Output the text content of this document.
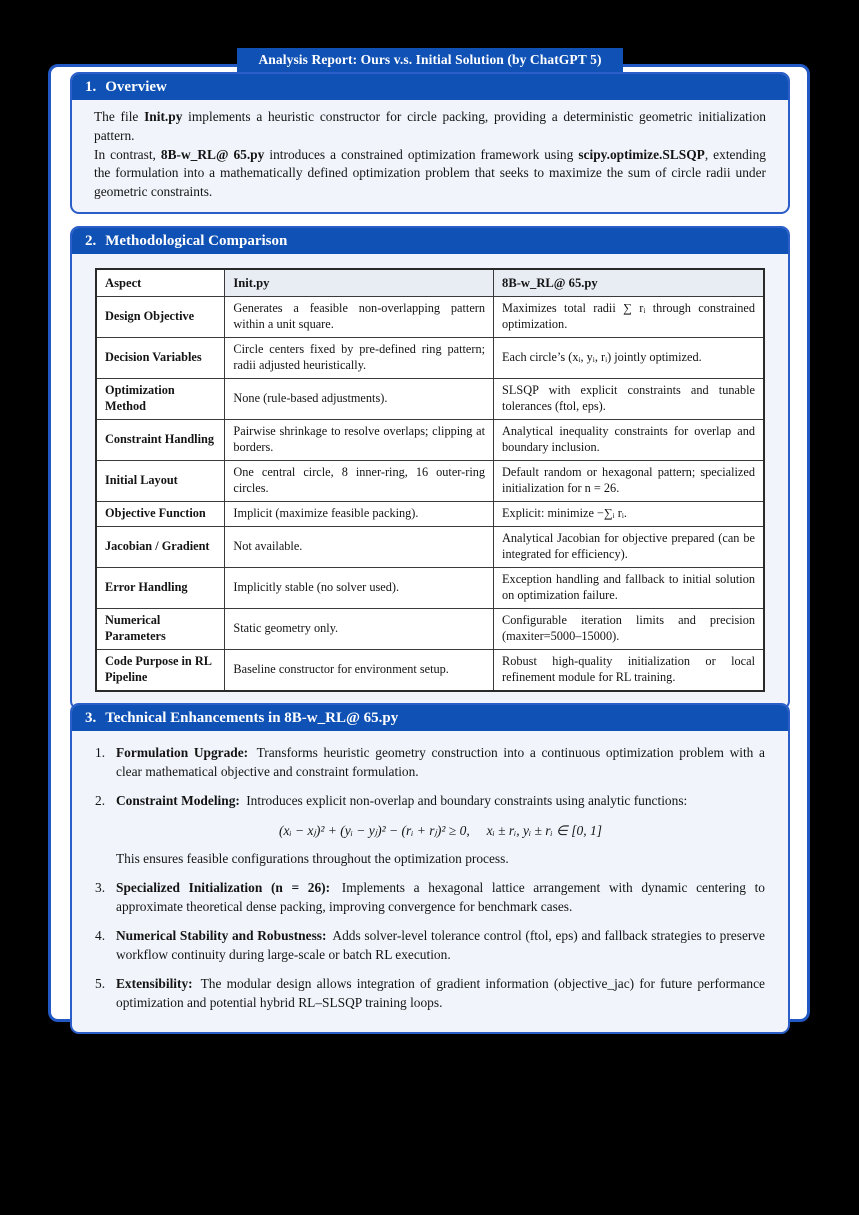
Analysis Report: Ours v.s. Initial Solution (by ChatGPT 5)
1. Overview

The file Init.py implements a heuristic constructor for circle packing, providing a deterministic geometric initialization pattern.

In contrast, 8B-w_RL@ 65.py introduces a constrained optimization framework using scipy.optimize.SLSQP, extending the formulation into a mathematically defined optimization problem that seeks to maximize the sum of circle radii under geometric constraints.

2. Methodological Comparison
Aspect	Init.py	8B-w_RL@ 65.py
Design Objective	Generates a feasible non-overlapping pattern within a unit square.	Maximizes total radii ∑ rᵢ through constrained optimization.
Decision Variables	Circle centers fixed by pre-defined ring pattern; radii adjusted heuristically.	Each circle’s (xᵢ, yᵢ, rᵢ) jointly optimized.
Optimization Method	None (rule-based adjustments).	SLSQP with explicit constraints and tunable tolerances (ftol, eps).
Constraint Handling	Pairwise shrinkage to resolve overlaps; clipping at borders.	Analytical inequality constraints for overlap and boundary inclusion.
Initial Layout	One central circle, 8 inner-ring, 16 outer-ring circles.	Default random or hexagonal pattern; specialized initialization for n = 26.
Objective Function	Implicit (maximize feasible packing).	Explicit: minimize −∑ᵢ rᵢ.
Jacobian / Gradient	Not available.	Analytical Jacobian for objective prepared (can be integrated for efficiency).
Error Handling	Implicitly stable (no solver used).	Exception handling and fallback to initial solution on optimization failure.
Numerical Parameters	Static geometry only.	Configurable iteration limits and precision (maxiter=5000–15000).
Code Purpose in RL Pipeline	Baseline constructor for environment setup.	Robust high-quality initialization or local refinement module for RL training.
3. Technical Enhancements in 8B-w_RL@ 65.py
1. Formulation Upgrade: Transforms heuristic geometry construction into a continuous optimization problem with a clear mathematical objective and constraint formulation.
2. Constraint Modeling: Introduces explicit non-overlap and boundary constraints using analytic functions:
(xᵢ − xⱼ)² + (yᵢ − yⱼ)² − (rᵢ + rⱼ)² ≥ 0,  xᵢ ± rᵢ, yᵢ ± rᵢ ∈ [0, 1]

This ensures feasible configurations throughout the optimization process.

3. Specialized Initialization (n = 26): Implements a hexagonal lattice arrangement with dynamic centering to approximate theoretical dense packing, improving convergence for benchmark cases.
4. Numerical Stability and Robustness: Adds solver-level tolerance control (ftol, eps) and fallback strategies to preserve workflow continuity during large-scale or batch RL execution.
5. Extensibility: The modular design allows integration of gradient information (objective_jac) for future performance optimization and potential hybrid RL–SLSQP training loops.
